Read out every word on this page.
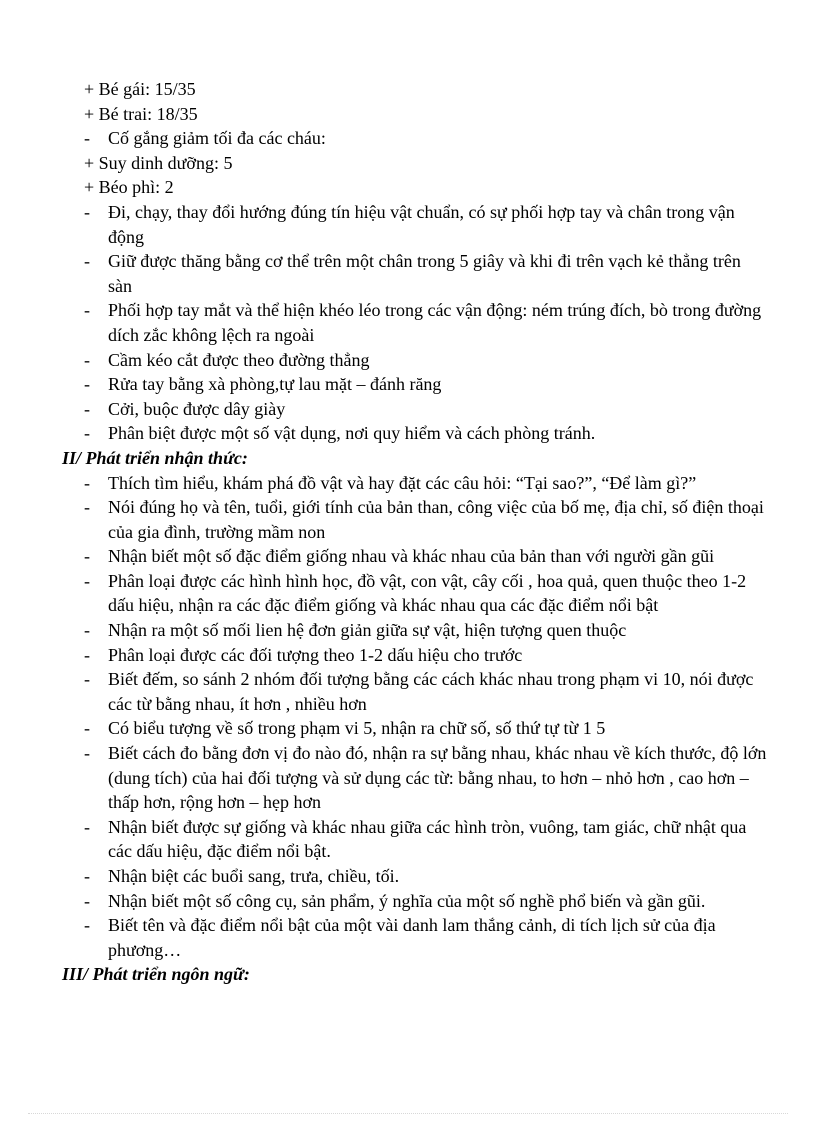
+ Bé gái: 15/35
+ Bé trai: 18/35
- Cố gắng giảm tối đa các cháu:
+ Suy dinh dưỡng: 5
+ Béo phì: 2
- Đi, chạy, thay đổi hướng đúng tín hiệu vật chuẩn, có sự phối hợp tay và chân trong vận động
- Giữ được thăng bằng cơ thể trên một chân trong 5 giây và khi đi trên vạch kẻ thẳng trên sàn
- Phối hợp tay mắt và thể hiện khéo léo trong các vận động: ném trúng đích, bò trong đường dích zắc không lệch ra ngoài
- Cầm kéo cắt được theo đường thẳng
- Rửa tay bằng xà phòng,tự lau mặt – đánh răng
- Cởi, buộc được dây giày
- Phân biệt được một số vật dụng, nơi quy hiểm và cách phòng tránh.
II/ Phát triển nhận thức:
- Thích tìm hiểu, khám phá đồ vật và hay đặt các câu hỏi: “Tại sao?”, “Để làm gì?”
- Nói đúng họ và tên, tuổi, giới tính của bản than, công việc của bố mẹ, địa chỉ, số điện thoại của gia đình, trường mầm non
- Nhận biết một số đặc điểm giống nhau và khác nhau của bản than với người gần gũi
- Phân loại được các hình hình học, đồ vật, con vật, cây cối , hoa quả, quen thuộc theo 1-2 dấu hiệu, nhận ra các đặc điểm giống và khác nhau qua các đặc điểm nổi bật
- Nhận ra một số mối lien hệ đơn giản giữa sự vật, hiện tượng quen thuộc
- Phân loại được các đối tượng theo 1-2 dấu hiệu cho trước
- Biết đếm, so sánh 2 nhóm đối tượng bằng các cách khác nhau trong phạm vi 10, nói được các từ bằng nhau, ít hơn , nhiều hơn
- Có biểu tượng về số trong phạm vi 5, nhận ra chữ số, số thứ tự từ 1 5
- Biết cách đo bằng đơn vị đo nào đó, nhận ra sự bằng nhau, khác nhau về kích thước, độ lớn (dung tích) của hai đối tượng và sử dụng các từ: bằng nhau, to hơn – nhỏ hơn , cao hơn – thấp hơn, rộng hơn – hẹp hơn
- Nhận biết được sự giống và khác nhau giữa các hình tròn, vuông, tam giác, chữ nhật qua các dấu hiệu, đặc điểm nổi bật.
- Nhận biệt các buổi sang, trưa, chiều, tối.
- Nhận biết một số công cụ, sản phẩm, ý nghĩa của một số nghề phổ biến và gần gũi.
- Biết tên và đặc điểm nổi bật của một vài danh lam thắng cảnh, di tích lịch sử của địa phương…
III/ Phát triển ngôn ngữ:
